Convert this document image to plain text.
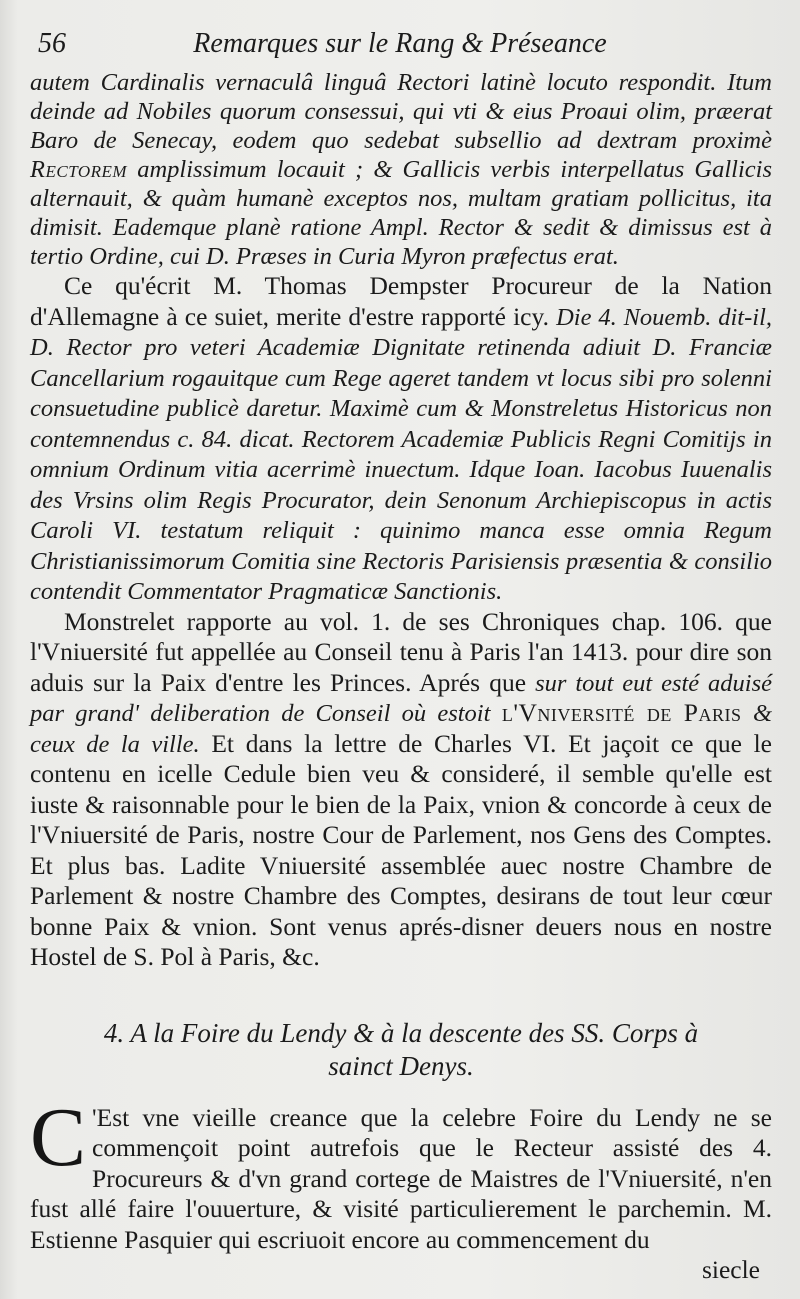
56	Remarques sur le Rang & Préseance

autem Cardinalis vernaculâ linguâ Rectori latinè locuto respondit. Itum deinde ad Nobiles quorum consessui, qui vti & eius Proaui olim, præerat Baro de Senecay, eodem quo sedebat subsellio ad dextram proximè Rectorem amplissimum locauit ; & Gallicis verbis interpellatus Gallicis alternauit, & quàm humanè exceptos nos, multam gratiam pollicitus, ita dimisit. Eademque planè ratione Ampl. Rector & sedit & dimissus est à tertio Ordine, cui D. Præses in Curia Myron præfectus erat.

Ce qu'écrit M. Thomas Dempster Procureur de la Nation d'Allemagne à ce suiet, merite d'estre rapporté icy. Die 4. Nouemb. dit-il, D. Rector pro veteri Academiæ Dignitate retinenda adiuit D. Franciæ Cancellarium rogauitque cum Rege ageret tandem vt locus sibi pro solenni consuetudine publicè daretur. Maximè cum & Monstreletus Historicus non contemnendus c. 84. dicat. Rectorem Academiæ Publicis Regni Comitijs in omnium Ordinum vitia acerrimè inuectum. Idque Ioan. Iacobus Iuuenalis des Vrsins olim Regis Procurator, dein Senonum Archiepiscopus in actis Caroli VI. testatum reliquit : quinimo manca esse omnia Regum Christianissimorum Comitia sine Rectoris Parisiensis præsentia & consilio contendit Commentator Pragmaticæ Sanctionis.

Monstrelet rapporte au vol. 1. de ses Chroniques chap. 106. que l'Vniuersité fut appellée au Conseil tenu à Paris l'an 1413. pour dire son aduis sur la Paix d'entre les Princes. Aprés que sur tout eut esté aduisé par grand' deliberation de Conseil où estoit l'Vniversité de Paris & ceux de la ville. Et dans la lettre de Charles VI. Et jaçoit ce que le contenu en icelle Cedule bien veu & consideré, il semble qu'elle est iuste & raisonnable pour le bien de la Paix, vnion & concorde à ceux de l'Vniuersité de Paris, nostre Cour de Parlement, nos Gens des Comptes. Et plus bas. Ladite Vniuersité assemblée auec nostre Chambre de Parlement & nostre Chambre des Comptes, desirans de tout leur cœur bonne Paix & vnion. Sont venus aprés-disner deuers nous en nostre Hostel de S. Pol à Paris, &c.

4. A la Foire du Lendy & à la descente des SS. Corps à sainct Denys.

C 'Est vne vieille creance que la celebre Foire du Lendy ne se commençoit point autrefois que le Recteur assisté des 4. Procureurs & d'vn grand cortege de Maistres de l'Vniuersité, n'en fust allé faire l'ouuerture, & visité particulierement le parchemin. M. Estienne Pasquier qui escriuoit encore au commencement du

siecle
